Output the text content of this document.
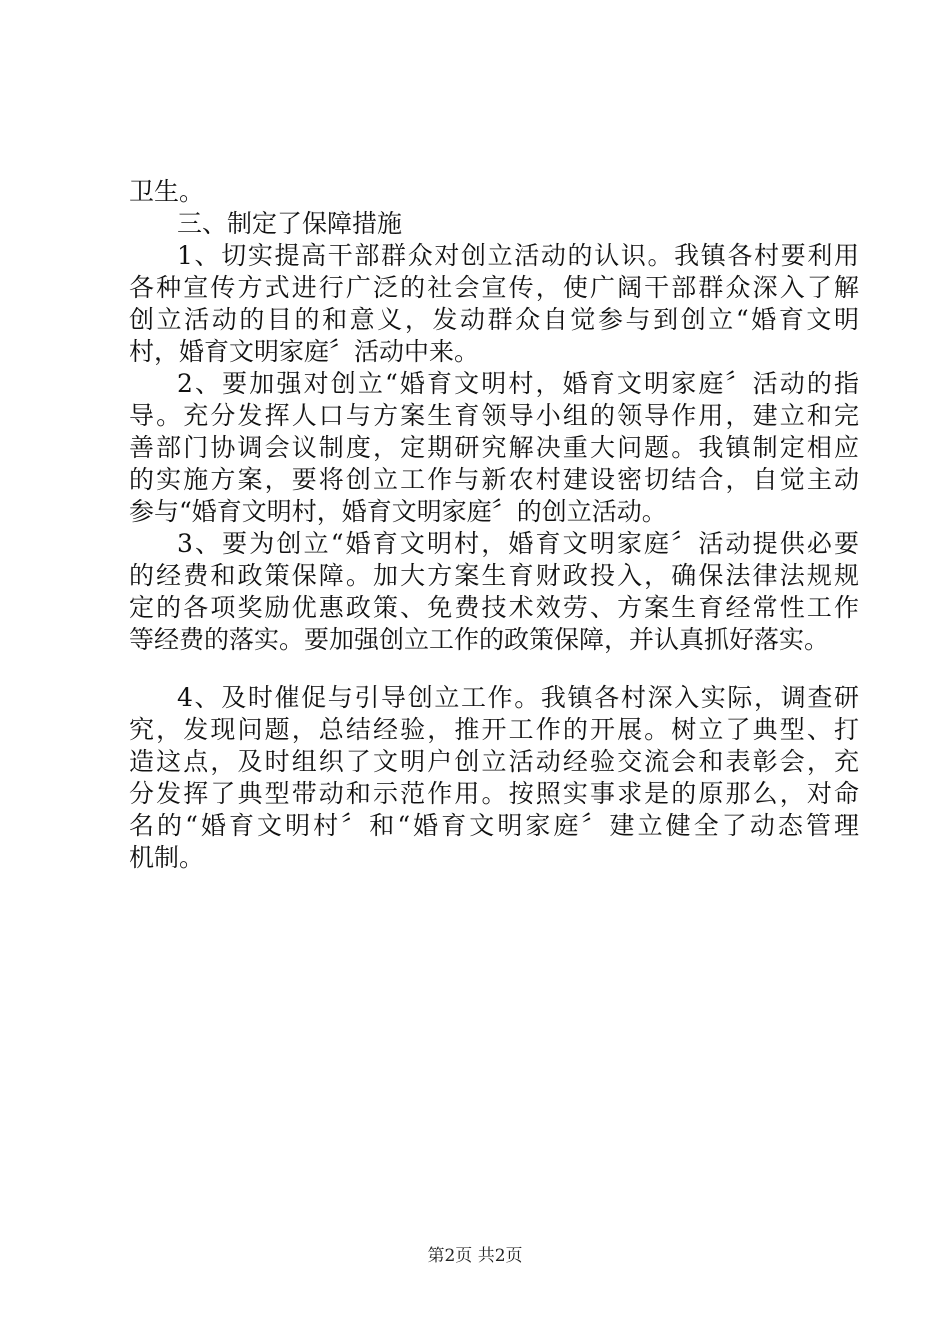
卫生。
三、制定了保障措施
1、切实提高干部群众对创立活动的认识。我镇各村要利用
各种宣传方式进行广泛的社会宣传，使广阔干部群众深入了解
创立活动的目的和意义，发动群众自觉参与到创立“婚育文明
村，婚育文明家庭〞活动中来。
2、要加强对创立“婚育文明村，婚育文明家庭〞活动的指
导。充分发挥人口与方案生育领导小组的领导作用，建立和完
善部门协调会议制度，定期研究解决重大问题。我镇制定相应
的实施方案，要将创立工作与新农村建设密切结合，自觉主动
参与“婚育文明村，婚育文明家庭〞的创立活动。
3、要为创立“婚育文明村，婚育文明家庭〞活动提供必要
的经费和政策保障。加大方案生育财政投入，确保法律法规规
定的各项奖励优惠政策、免费技术效劳、方案生育经常性工作
等经费的落实。要加强创立工作的政策保障，并认真抓好落实。
4、及时催促与引导创立工作。我镇各村深入实际，调查研
究，发现问题，总结经验，推开工作的开展。树立了典型、打
造这点，及时组织了文明户创立活动经验交流会和表彰会，充
分发挥了典型带动和示范作用。按照实事求是的原那么，对命
名的“婚育文明村〞和“婚育文明家庭〞建立健全了动态管理
机制。
第2页 共2页
